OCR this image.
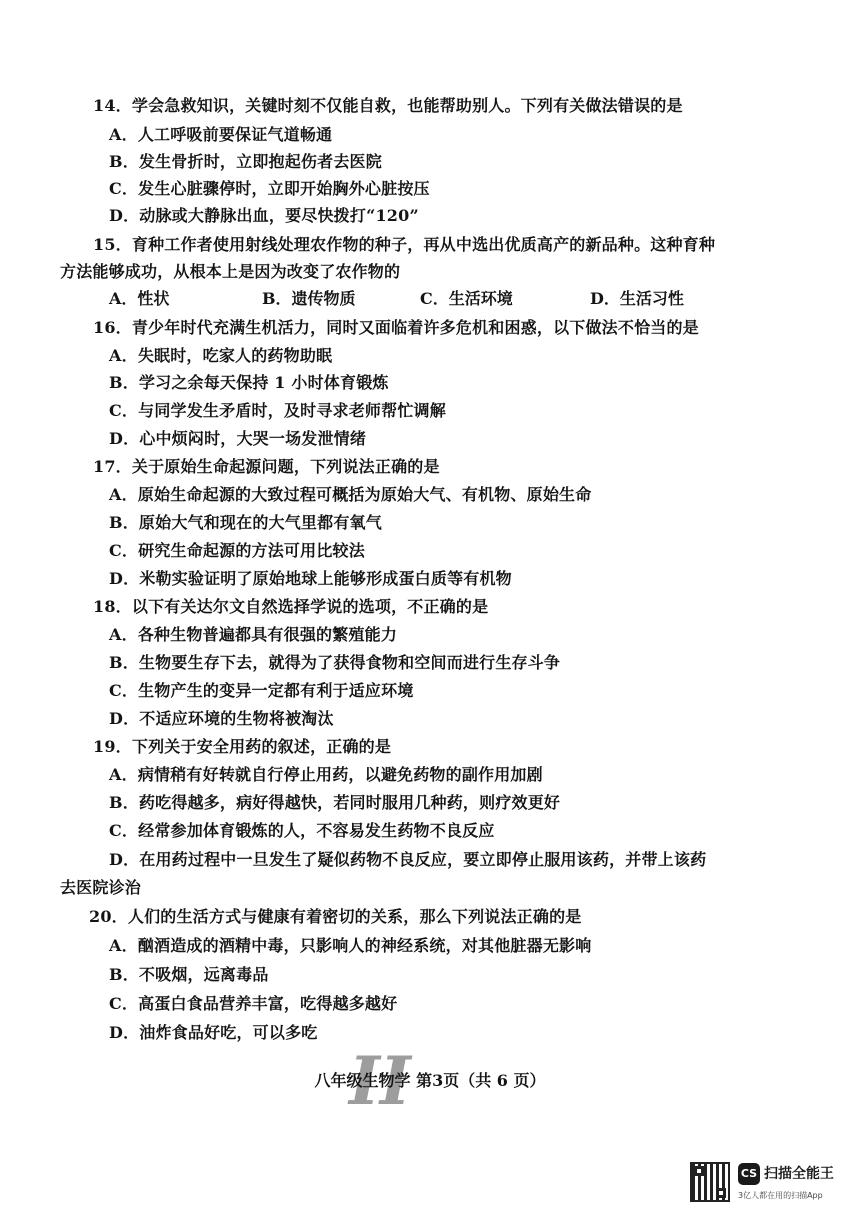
14．学会急救知识，关键时刻不仅能自救，也能帮助别人。下列有关做法错误的是
A．人工呼吸前要保证气道畅通
B．发生骨折时，立即抱起伤者去医院
C．发生心脏骤停时，立即开始胸外心脏按压
D．动脉或大静脉出血，要尽快拨打“120”
15．育种工作者使用射线处理农作物的种子，再从中选出优质高产的新品种。这种育种
方法能够成功，从根本上是因为改变了农作物的
A．性状	B．遗传物质	C．生活环境	D．生活习性
16．青少年时代充满生机活力，同时又面临着许多危机和困惑，以下做法不恰当的是
A．失眠时，吃家人的药物助眠
B．学习之余每天保持 1 小时体育锻炼
C．与同学发生矛盾时，及时寻求老师帮忙调解
D．心中烦闷时，大哭一场发泄情绪
17．关于原始生命起源问题，下列说法正确的是
A．原始生命起源的大致过程可概括为原始大气、有机物、原始生命
B．原始大气和现在的大气里都有氧气
C．研究生命起源的方法可用比较法
D．米勒实验证明了原始地球上能够形成蛋白质等有机物
18．以下有关达尔文自然选择学说的选项，不正确的是
A．各种生物普遍都具有很强的繁殖能力
B．生物要生存下去，就得为了获得食物和空间而进行生存斗争
C．生物产生的变异一定都有利于适应环境
D．不适应环境的生物将被淘汰
19．下列关于安全用药的叙述，正确的是
A．病情稍有好转就自行停止用药，以避免药物的副作用加剧
B．药吃得越多，病好得越快，若同时服用几种药，则疗效更好
C．经常参加体育锻炼的人，不容易发生药物不良反应
D．在用药过程中一旦发生了疑似药物不良反应，要立即停止服用该药，并带上该药
去医院诊治
20．人们的生活方式与健康有着密切的关系，那么下列说法正确的是
A．酗酒造成的酒精中毒，只影响人的神经系统，对其他脏器无影响
B．不吸烟，远离毒品
C．高蛋白食品营养丰富，吃得越多越好
D．油炸食品好吃，可以多吃
II
八年级生物学 第3页（共 6 页）
CS 扫描全能王
3亿人都在用的扫描App
